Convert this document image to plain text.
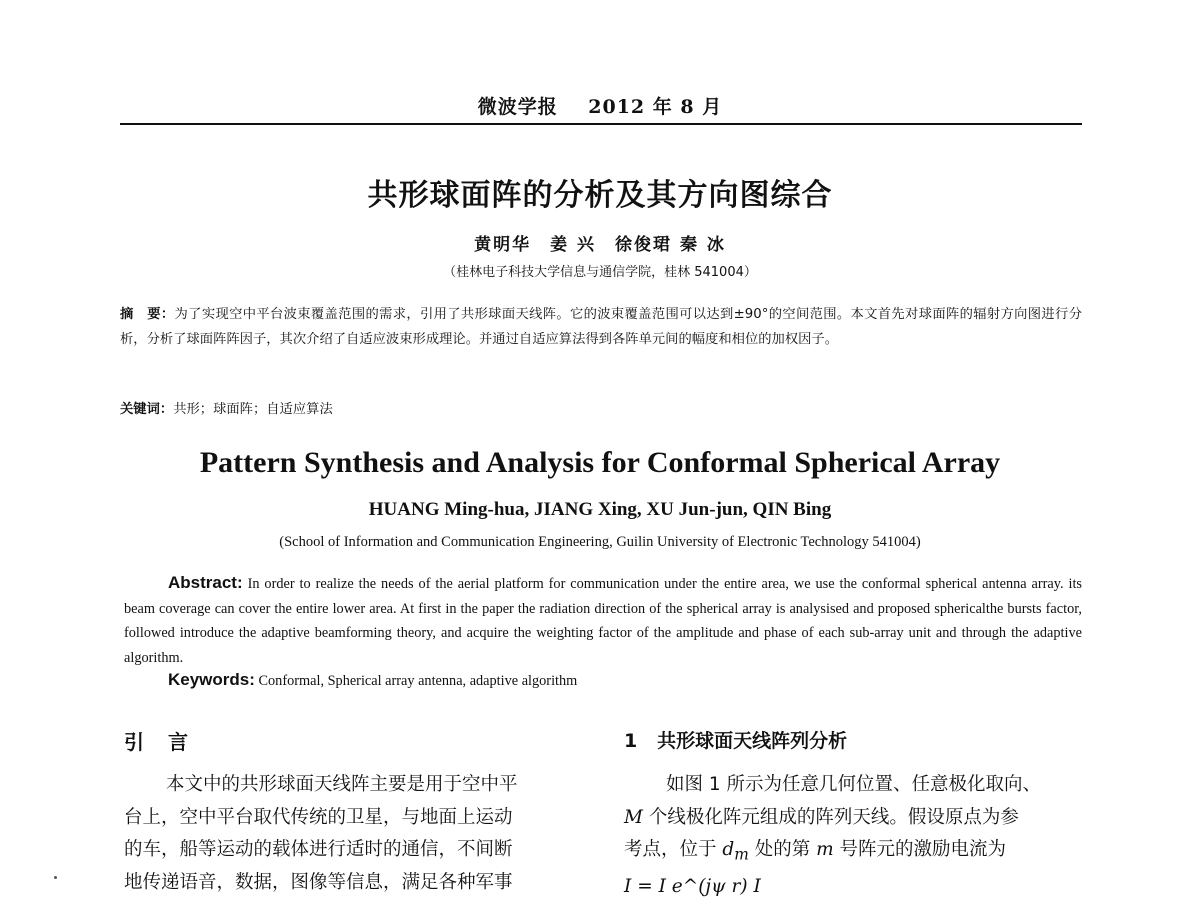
微波学报 2012 年 8 月
共形球面阵的分析及其方向图综合
黄明华　姜 兴　徐俊珺 秦 冰
（桂林电子科技大学信息与通信学院，桂林 541004）
摘　要：为了实现空中平台波束覆盖范围的需求，引用了共形球面天线阵。它的波束覆盖范围可以达到±90°的空间范围。本文首先对球面阵的辐射方向图进行分析，分析了球面阵阵因子，其次介绍了自适应波束形成理论。并通过自适应算法得到各阵单元间的幅度和相位的加权因子。
关键词：共形；球面阵；自适应算法
Pattern Synthesis and Analysis for Conformal Spherical Array
HUANG Ming-hua, JIANG Xing, XU Jun-jun, QIN Bing
(School of Information and Communication Engineering, Guilin University of Electronic Technology 541004)
Abstract: In order to realize the needs of the aerial platform for communication under the entire area, we use the conformal spherical antenna array. its beam coverage can cover the entire lower area. At first in the paper the radiation direction of the spherical array is analysised and proposed sphericalthe bursts factor, followed introduce the adaptive beamforming theory, and acquire the weighting factor of the amplitude and phase of each sub-array unit and through the adaptive algorithm.
Keywords: Conformal, Spherical array antenna, adaptive algorithm
引 言	1 共形球面天线阵列分析
本文中的共形球面天线阵主要是用于空中平
台上，空中平台取代传统的卫星，与地面上运动
的车，船等运动的载体进行适时的通信，不间断
地传递语音，数据，图像等信息，满足各种军事
如图 1 所示为任意几何位置、任意极化取向、
M 个线极化阵元组成的阵列天线。假设原点为参
考点，位于 $d_m$ 处的第 m 号阵元的激励电流为
I = I e^(jψ r) I
